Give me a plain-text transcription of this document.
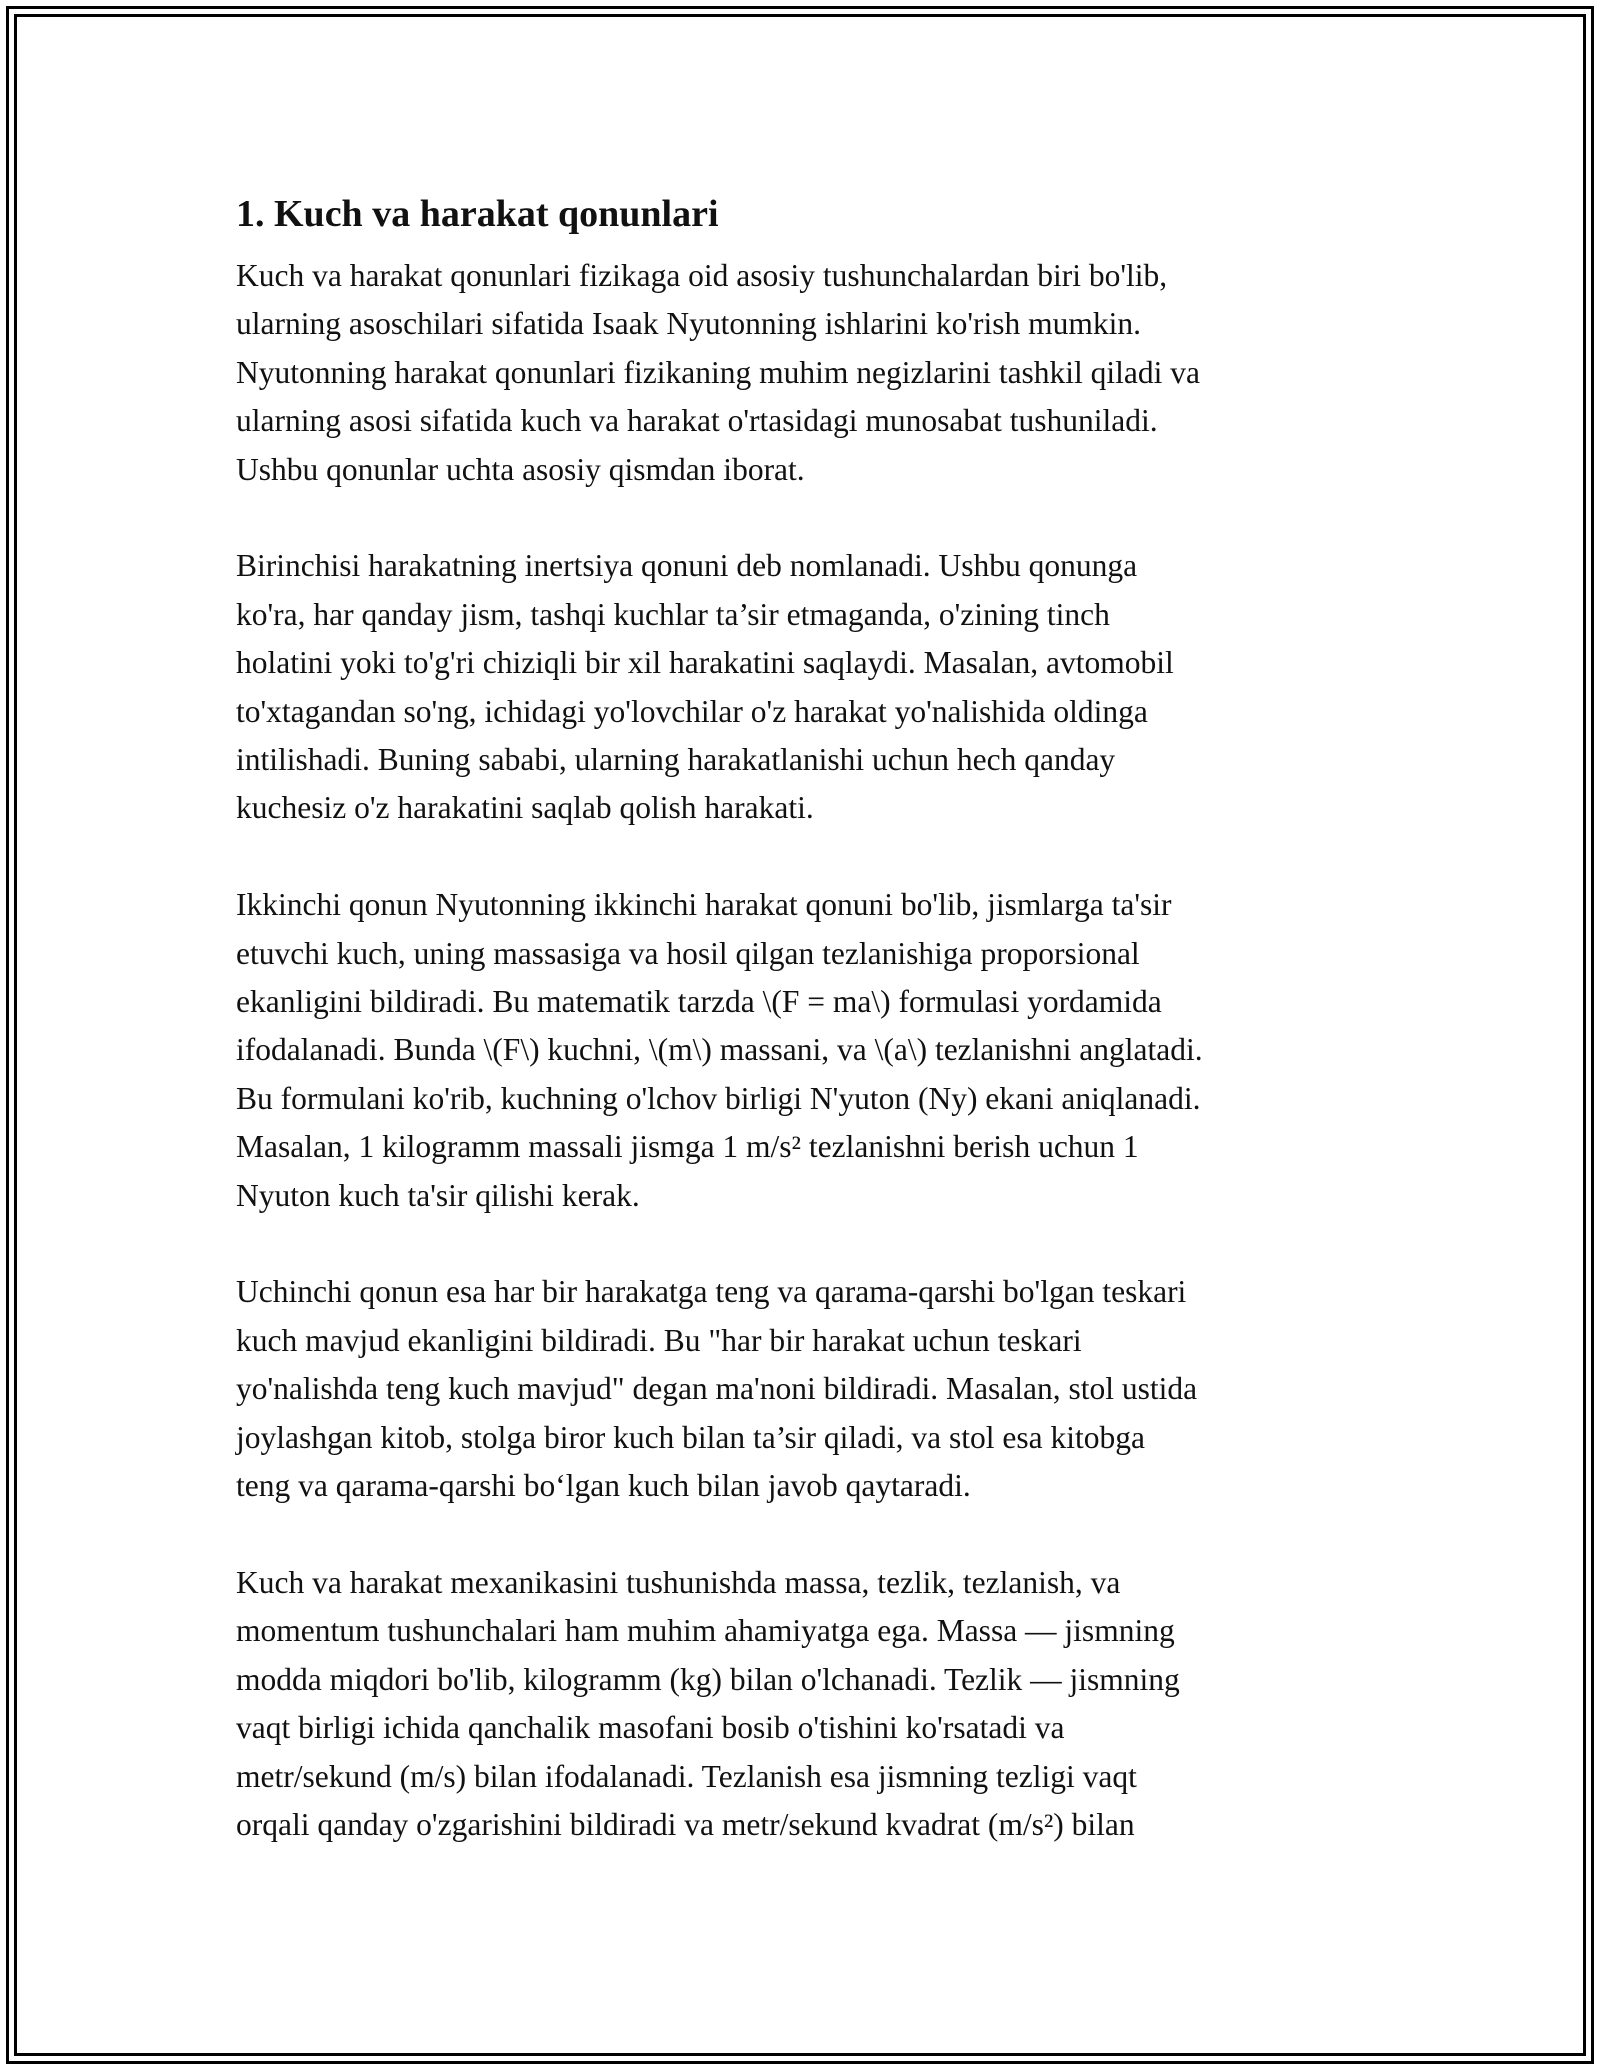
1. Kuch va harakat qonunlari

Kuch va harakat qonunlari fizikaga oid asosiy tushunchalardan biri bo'lib,
ularning asoschilari sifatida Isaak Nyutonning ishlarini ko'rish mumkin.
Nyutonning harakat qonunlari fizikaning muhim negizlarini tashkil qiladi va
ularning asosi sifatida kuch va harakat o'rtasidagi munosabat tushuniladi.
Ushbu qonunlar uchta asosiy qismdan iborat.

Birinchisi harakatning inertsiya qonuni deb nomlanadi. Ushbu qonunga
ko'ra, har qanday jism, tashqi kuchlar ta’sir etmaganda, o'zining tinch
holatini yoki to'g'ri chiziqli bir xil harakatini saqlaydi. Masalan, avtomobil
to'xtagandan so'ng, ichidagi yo'lovchilar o'z harakat yo'nalishida oldinga
intilishadi. Buning sababi, ularning harakatlanishi uchun hech qanday
kuchesiz o'z harakatini saqlab qolish harakati.

Ikkinchi qonun Nyutonning ikkinchi harakat qonuni bo'lib, jismlarga ta'sir
etuvchi kuch, uning massasiga va hosil qilgan tezlanishiga proporsional
ekanligini bildiradi. Bu matematik tarzda \(F = ma\) formulasi yordamida
ifodalanadi. Bunda \(F\) kuchni, \(m\) massani, va \(a\) tezlanishni anglatadi.
Bu formulani ko'rib, kuchning o'lchov birligi N'yuton (Ny) ekani aniqlanadi.
Masalan, 1 kilogramm massali jismga 1 m/s² tezlanishni berish uchun 1
Nyuton kuch ta'sir qilishi kerak.

Uchinchi qonun esa har bir harakatga teng va qarama-qarshi bo'lgan teskari
kuch mavjud ekanligini bildiradi. Bu "har bir harakat uchun teskari
yo'nalishda teng kuch mavjud" degan ma'noni bildiradi. Masalan, stol ustida
joylashgan kitob, stolga biror kuch bilan ta’sir qiladi, va stol esa kitobga
teng va qarama-qarshi bo‘lgan kuch bilan javob qaytaradi.

Kuch va harakat mexanikasini tushunishda massa, tezlik, tezlanish, va
momentum tushunchalari ham muhim ahamiyatga ega. Massa — jismning
modda miqdori bo'lib, kilogramm (kg) bilan o'lchanadi. Tezlik — jismning
vaqt birligi ichida qanchalik masofani bosib o'tishini ko'rsatadi va
metr/sekund (m/s) bilan ifodalanadi. Tezlanish esa jismning tezligi vaqt
orqali qanday o'zgarishini bildiradi va metr/sekund kvadrat (m/s²) bilan
